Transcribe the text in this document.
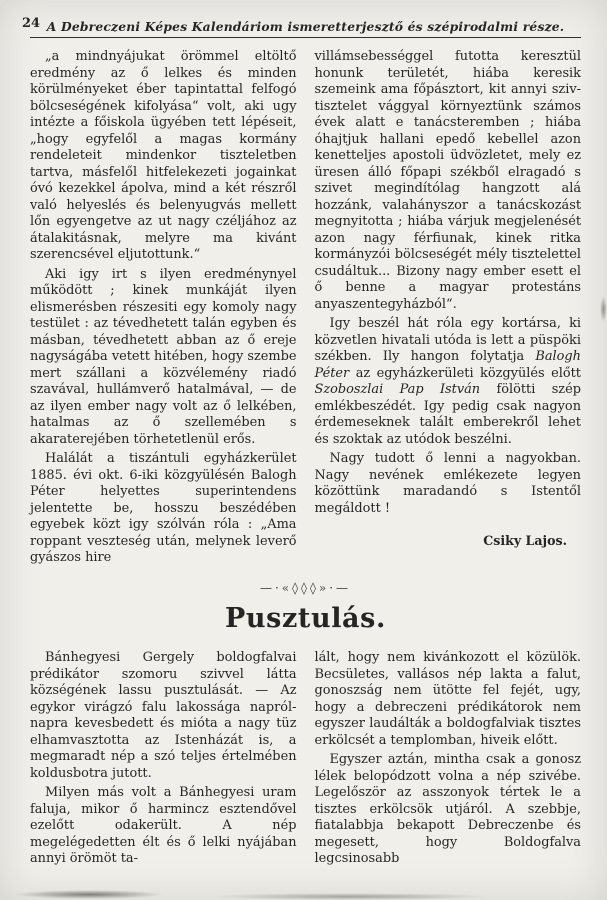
24 A Debreczeni Képes Kalendáriom ismeretterjesztő és szépirodalmi része.

„a mindnyájukat örömmel eltöltő eredmény az ő lelkes és minden körülményeket éber tapintattal felfogó bölcseségének kifolyása“ volt, aki ugy intézte a főiskola ügyében tett lépéseit, „hogy egyfelől a magas kormány rendeleteit mindenkor tiszteletben tartva, másfelől hitfelekezeti jogainkat óvó kezekkel ápolva, mind a két részről való helyeslés és belenyugvás mellett lőn egyengetve az ut nagy czéljához az átalakitásnak, melyre ma kivánt szerencsével eljutottunk.“

Aki igy irt s ilyen eredménynyel működött ; kinek munkáját ilyen elismerésben részesiti egy komoly nagy testület : az tévedhetett talán egyben és másban, tévedhetett abban az ő ereje nagyságába vetett hitében, hogy szembe mert szállani a közvélemény riadó szavával, hullámverő hatalmával, — de az ilyen ember nagy volt az ő lelkében, hatalmas az ő szellemében s akaraterejében törhetetlenül erős.

Halálát a tiszántuli egyházkerület 1885. évi okt. 6-iki közgyülésén Balogh Péter helyettes superintendens jelentette be, hosszu beszédében egyebek közt igy szólván róla : „Ama roppant veszteség után, melynek leverő gyászos hire

villámsebességgel futotta keresztül honunk területét, hiába keresik szemeink ama főpásztort, kit annyi sziv-tisztelet vággyal környeztünk számos évek alatt e tanácsteremben ; hiába óhajtjuk hallani epedő kebellel azon kenetteljes apostoli üdvözletet, mely ez üresen álló főpapi székből elragadó s szivet megindítólag hangzott alá hozzánk, valahányszor a tanácskozást megnyitotta ; hiába várjuk megjelenését azon nagy férfiunak, kinek ritka kormányzói bölcseségét mély tisztelettel csudáltuk... Bizony nagy ember esett el ő benne a magyar protestáns anyaszentegyházból“.

Igy beszél hát róla egy kortársa, ki közvetlen hivatali utóda is lett a püspöki székben. Ily hangon folytatja Balogh Péter az egyházkerületi közgyülés előtt Szoboszlai Pap István fölötti szép emlékbeszédét. Igy pedig csak nagyon érdemeseknek talált emberekről lehet és szoktak az utódok beszélni.

Nagy tudott ő lenni a nagyokban. Nagy nevének emlékezete legyen közöttünk maradandó s Istentől megáldott !

Csiky Lajos.

—·«◊◊◊»·—
Pusztulás.

Bánhegyesi Gergely boldogfalvai prédikátor szomoru szivvel látta községének lassu pusztulását. — Az egykor virágzó falu lakossága napról-napra kevesbedett és mióta a nagy tüz elhamvasztotta az Istenházát is, a megmaradt nép a szó teljes értelmében koldusbotra jutott.

Milyen más volt a Bánhegyesi uram faluja, mikor ő harmincz esztendővel ezelőtt odakerült. A nép megelégedetten élt és ő lelki nyájában annyi örömöt ta-

lált, hogy nem kivánkozott el közülök. Becsületes, vallásos nép lakta a falut, gonoszság nem ütötte fel fejét, ugy, hogy a debreczeni prédikátorok nem egyszer laudálták a boldogfalviak tisztes erkölcsét a templomban, hiveik előtt.

Egyszer aztán, mintha csak a gonosz lélek belopódzott volna a nép szivébe. Legelőször az asszonyok tértek le a tisztes erkölcsök utjáról. A szebbje, fiatalabbja bekapott Debreczenbe és megesett, hogy Boldogfalva legcsinosabb
